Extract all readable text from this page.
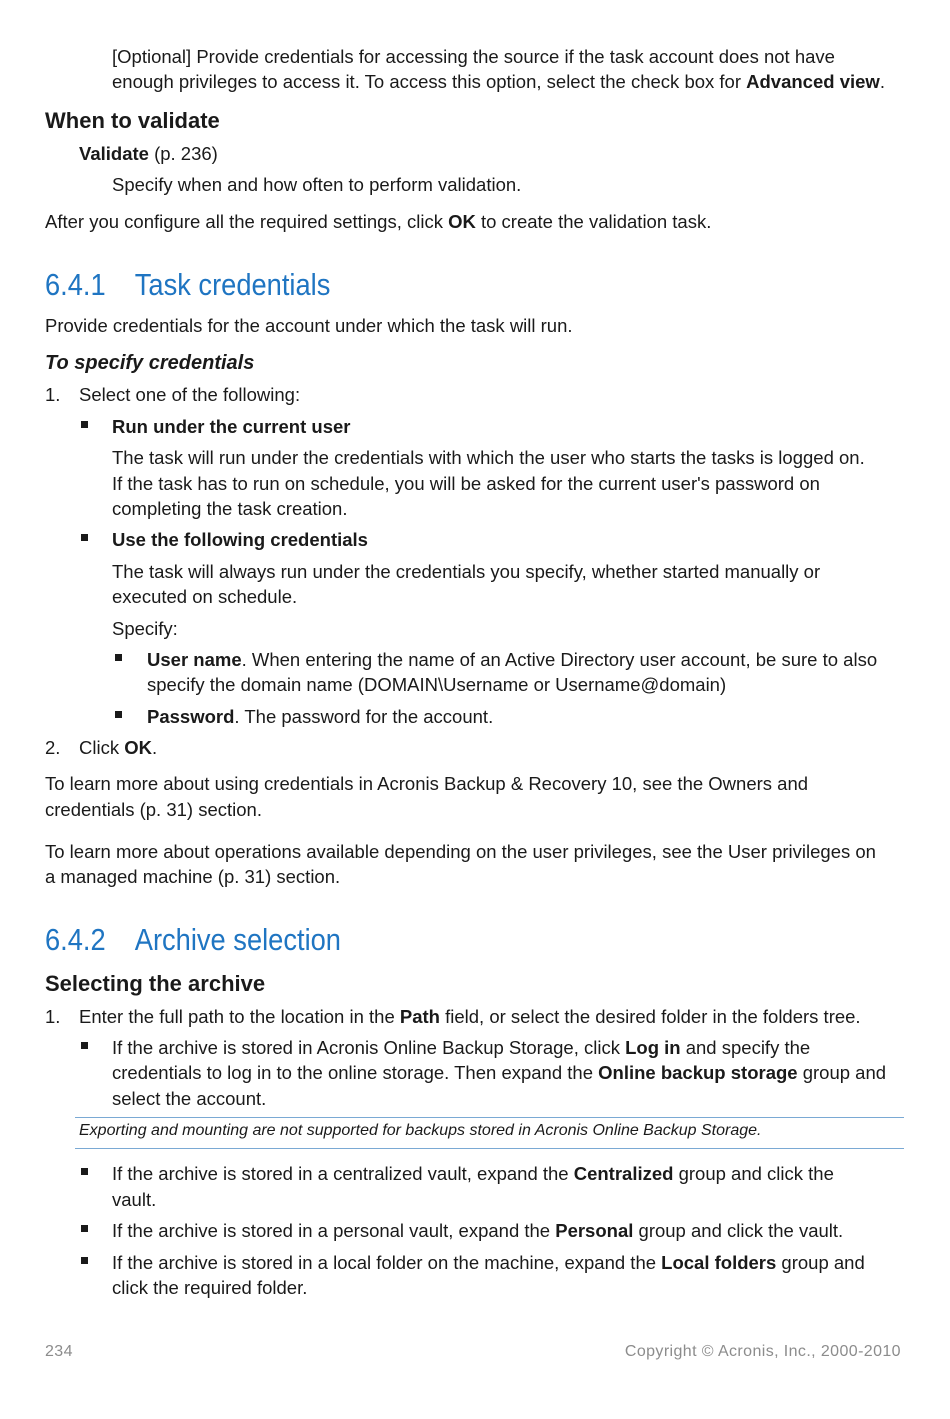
[Optional] Provide credentials for accessing the source if the task account does not have
enough privileges to access it. To access this option, select the check box for Advanced view.
When to validate
Validate (p. 236)
Specify when and how often to perform validation.
After you configure all the required settings, click OK to create the validation task.
6.4.1 Task credentials
Provide credentials for the account under which the task will run.
To specify credentials
1. Select one of the following:
Run under the current user
The task will run under the credentials with which the user who starts the tasks is logged on.
If the task has to run on schedule, you will be asked for the current user's password on
completing the task creation.
Use the following credentials
The task will always run under the credentials you specify, whether started manually or
executed on schedule.
Specify:
User name. When entering the name of an Active Directory user account, be sure to also
specify the domain name (DOMAIN\Username or Username@domain)
Password. The password for the account.
2. Click OK.
To learn more about using credentials in Acronis Backup & Recovery 10, see the Owners and
credentials (p. 31) section.
To learn more about operations available depending on the user privileges, see the User privileges on
a managed machine (p. 31) section.
6.4.2 Archive selection
Selecting the archive
1. Enter the full path to the location in the Path field, or select the desired folder in the folders tree.
If the archive is stored in Acronis Online Backup Storage, click Log in and specify the
credentials to log in to the online storage. Then expand the Online backup storage group and
select the account.
Exporting and mounting are not supported for backups stored in Acronis Online Backup Storage.
If the archive is stored in a centralized vault, expand the Centralized group and click the
vault.
If the archive is stored in a personal vault, expand the Personal group and click the vault.
If the archive is stored in a local folder on the machine, expand the Local folders group and
click the required folder.
234	Copyright © Acronis, Inc., 2000-2010
